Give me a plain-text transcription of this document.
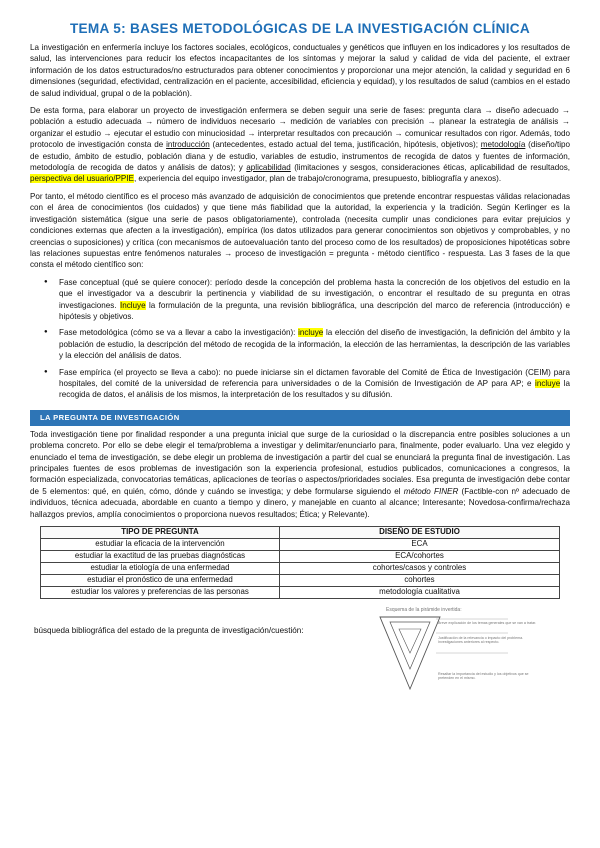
TEMA 5: BASES METODOLÓGICAS DE LA INVESTIGACIÓN CLÍNICA

La investigación en enfermería incluye los factores sociales, ecológicos, conductuales y genéticos que influyen en los indicadores y los resultados de salud, las intervenciones para reducir los efectos incapacitantes de los síntomas y mejorar la salud y calidad de vida del paciente, el extraer información de los datos estructurados/no estructurados para obtener conocimientos y proporcionar una mejor atención, la calidad y seguridad en 6 dimensiones (seguridad, efectividad, centralización en el paciente, accesibilidad, eficiencia y equidad), y los resultados de salud (cambios en el estado de salud individual, grupal o de la población).

De esta forma, para elaborar un proyecto de investigación enfermera se deben seguir una serie de fases: pregunta clara → diseño adecuado → población a estudio adecuada → número de individuos necesario → medición de variables con precisión → planear la estrategia de análisis → organizar el estudio → ejecutar el estudio con minuciosidad → interpretar resultados con precaución → comunicar resultados con rigor. Además, todo protocolo de investigación consta de introducción (antecedentes, estado actual del tema, justificación, hipótesis, objetivos); metodología (diseño/tipo de estudio, ámbito de estudio, población diana y de estudio, variables de estudio, instrumentos de recogida de datos y fuentes de información, metodología de recogida de datos y análisis de datos); y aplicabilidad (limitaciones y sesgos, consideraciones éticas, aplicabilidad de resultados, perspectiva del usuario/PPIE, experiencia del equipo investigador, plan de trabajo/cronograma, presupuesto, bibliografía y anexos).

Por tanto, el método científico es el proceso más avanzado de adquisición de conocimientos que pretende encontrar respuestas válidas relacionadas con el área de conocimientos (los cuidados) y que tiene más fiabilidad que la autoridad, la experiencia y la tradición. Según Kerlinger es la investigación sistemática (sigue una serie de pasos obligatoriamente), controlada (necesita cumplir unas condiciones para evitar prejuicios y condiciones externas que afecten a la investigación), empírica (los datos utilizados para generar conocimientos son objetivos y comprobables, y no creencias o suposiciones) y crítica (con mecanismos de autoevaluación tanto del proceso como de los resultados) de proposiciones hipotéticas sobre las relaciones supuestas entre fenómenos naturales → proceso de investigación = pregunta - método científico - respuesta. Las 3 fases de la que consta el método científico son:

● Fase conceptual (qué se quiere conocer): período desde la concepción del problema hasta la concreción de los objetivos del estudio en la que el investigador va a descubrir la pertinencia y viabilidad de su investigación, o encontrar el resultado de su pregunta en otras investigaciones. Incluye la formulación de la pregunta, una revisión bibliográfica, una descripción del marco de referencia (introducción) e hipótesis y objetivos.
● Fase metodológica (cómo se va a llevar a cabo la investigación): incluye la elección del diseño de investigación, la definición del ámbito y la población de estudio, la descripción del método de recogida de la información, la elección de las herramientas, la descripción de las variables y la elección del análisis de datos.
● Fase empírica (el proyecto se lleva a cabo): no puede iniciarse sin el dictamen favorable del Comité de Ética de Investigación (CEIM) para hospitales, del comité de la universidad de referencia para universidades o de la Comisión de Investigación de AP para AP; e incluye la recogida de datos, el análisis de los mismos, la interpretación de los resultados y su difusión.
LA PREGUNTA DE INVESTIGACIÓN

Toda investigación tiene por finalidad responder a una pregunta inicial que surge de la curiosidad o la discrepancia entre posibles soluciones a un problema concreto. Por ello se debe elegir el tema/problema a investigar y delimitar/enunciarlo para, finalmente, poder evaluarlo. Una vez elegido y enunciado el tema de investigación, se debe elegir un problema de investigación a partir del cual se enunciará la pregunta final de investigación. Las principales fuentes de esos problemas de investigación son la experiencia profesional, estudios publicados, comunicaciones a congresos, la formación especializada, convocatorias temáticas, aplicaciones de teorías o aspectos/prioridades sociales. Esa pregunta de investigación debe contar de 5 elementos: qué, en quién, cómo, dónde y cuándo se investiga; y debe formularse siguiendo el método FINER (Factible-con nº adecuado de individuos, técnica adecuada, abordable en cuanto a tiempo y dinero, y manejable en cuanto al alcance; Interesante; Novedosa-confirma/rechaza hallazgos previos, amplía conocimientos o proporciona nuevos resultados; Ética; y Relevante).

TIPO DE PREGUNTA	DISEÑO DE ESTUDIO
estudiar la eficacia de la intervención	ECA
estudiar la exactitud de las pruebas diagnósticas	ECA/cohortes
estudiar la etiología de una enfermedad	cohortes/casos y controles
estudiar el pronóstico de una enfermedad	cohortes
estudiar los valores y preferencias de las personas	metodología cualitativa
búsqueda bibliográfica del estado de la pregunta de investigación/cuestión:
Esquema de la pirámide invertida:
Breve explicación de los temas generales que se van a tratar.
Justificación de la relevancia o impacto del problema. Investigaciones anteriores al respecto.
Resaltar la importancia del estudio y los objetivos que se pretenden en el mismo.
